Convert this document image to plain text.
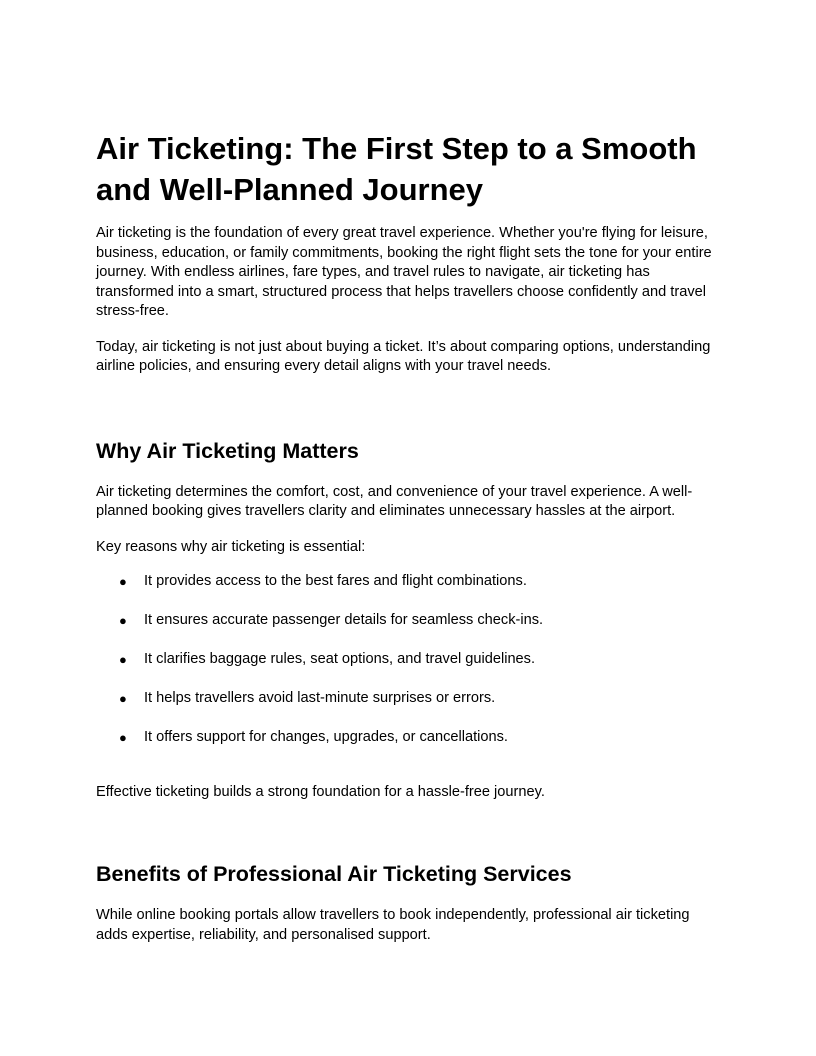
Air Ticketing: The First Step to a Smooth and Well-Planned Journey

Air ticketing is the foundation of every great travel experience. Whether you're flying for leisure, business, education, or family commitments, booking the right flight sets the tone for your entire journey. With endless airlines, fare types, and travel rules to navigate, air ticketing has transformed into a smart, structured process that helps travellers choose confidently and travel stress-free.

Today, air ticketing is not just about buying a ticket. It’s about comparing options, understanding airline policies, and ensuring every detail aligns with your travel needs.

Why Air Ticketing Matters

Air ticketing determines the comfort, cost, and convenience of your travel experience. A well-planned booking gives travellers clarity and eliminates unnecessary hassles at the airport.

Key reasons why air ticketing is essential:

● It provides access to the best fares and flight combinations.
● It ensures accurate passenger details for seamless check-ins.
● It clarifies baggage rules, seat options, and travel guidelines.
● It helps travellers avoid last-minute surprises or errors.
● It offers support for changes, upgrades, or cancellations.

Effective ticketing builds a strong foundation for a hassle-free journey.

Benefits of Professional Air Ticketing Services

While online booking portals allow travellers to book independently, professional air ticketing adds expertise, reliability, and personalised support.
